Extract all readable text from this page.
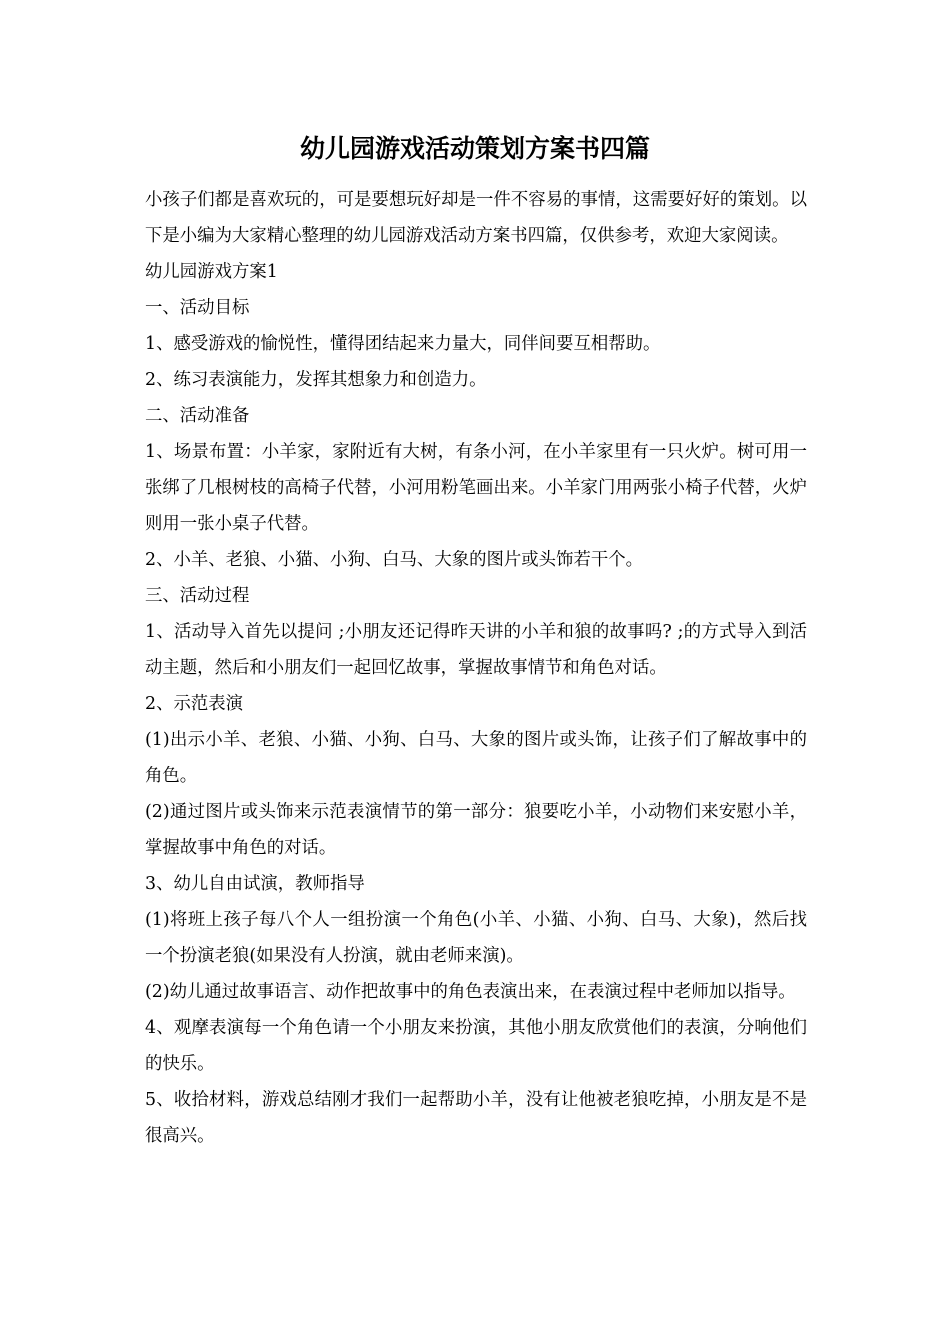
幼儿园游戏活动策划方案书四篇

小孩子们都是喜欢玩的，可是要想玩好却是一件不容易的事情，这需要好好的策划。以下是小编为大家精心整理的幼儿园游戏活动方案书四篇，仅供参考，欢迎大家阅读。

幼儿园游戏方案1

一、活动目标

1、感受游戏的愉悦性，懂得团结起来力量大，同伴间要互相帮助。

2、练习表演能力，发挥其想象力和创造力。

二、活动准备

1、场景布置：小羊家，家附近有大树，有条小河，在小羊家里有一只火炉。树可用一张绑了几根树枝的高椅子代替，小河用粉笔画出来。小羊家门用两张小椅子代替，火炉则用一张小桌子代替。

2、小羊、老狼、小猫、小狗、白马、大象的图片或头饰若干个。

三、活动过程

1、活动导入首先以提问 ;小朋友还记得昨天讲的小羊和狼的故事吗? ;的方式导入到活动主题，然后和小朋友们一起回忆故事，掌握故事情节和角色对话。

2、示范表演

(1)出示小羊、老狼、小猫、小狗、白马、大象的图片或头饰，让孩子们了解故事中的角色。

(2)通过图片或头饰来示范表演情节的第一部分：狼要吃小羊，小动物们来安慰小羊，掌握故事中角色的对话。

3、幼儿自由试演，教师指导

(1)将班上孩子每八个人一组扮演一个角色(小羊、小猫、小狗、白马、大象)，然后找一个扮演老狼(如果没有人扮演，就由老师来演)。

(2)幼儿通过故事语言、动作把故事中的角色表演出来，在表演过程中老师加以指导。

4、观摩表演每一个角色请一个小朋友来扮演，其他小朋友欣赏他们的表演，分响他们的快乐。

5、收拾材料，游戏总结刚才我们一起帮助小羊，没有让他被老狼吃掉，小朋友是不是很高兴。
